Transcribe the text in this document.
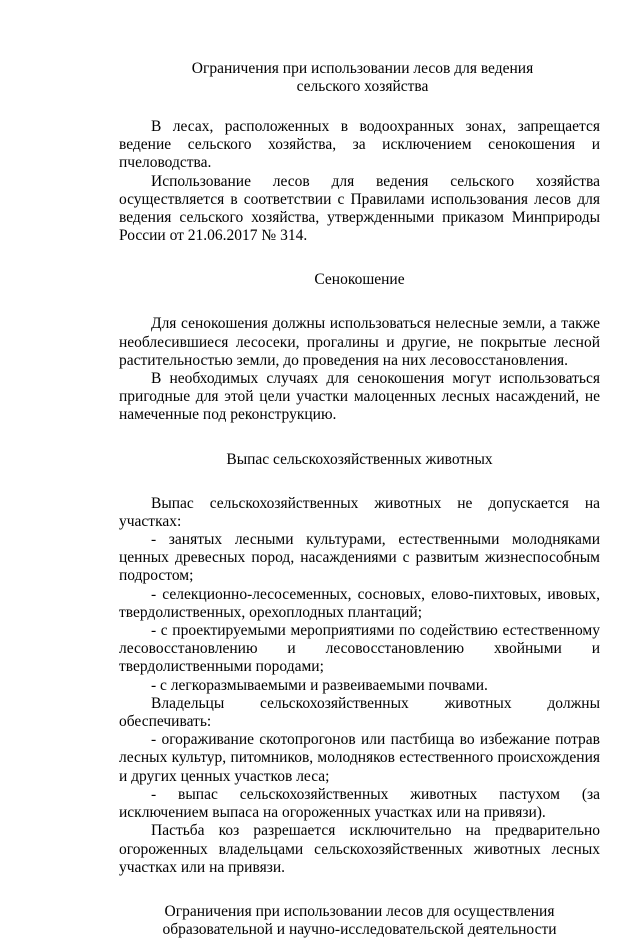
Ограничения при использовании лесов для ведения
сельского хозяйства

В лесах, расположенных в водоохранных зонах, запрещается ведение сельского хозяйства, за исключением сенокошения и пчеловодства.

Использование лесов для ведения сельского хозяйства осуществляется в соответствии с Правилами использования лесов для ведения сельского хозяйства, утвержденными приказом Минприроды России от 21.06.2017 № 314.

Сенокошение

Для сенокошения должны использоваться нелесные земли, а также необлесившиеся лесосеки, прогалины и другие, не покрытые лесной растительностью земли, до проведения на них лесовосстановления.

В необходимых случаях для сенокошения могут использоваться пригодные для этой цели участки малоценных лесных насаждений, не намеченные под реконструкцию.

Выпас сельскохозяйственных животных

Выпас сельскохозяйственных животных не допускается на участках:

- занятых лесными культурами, естественными молодняками ценных древесных пород, насаждениями с развитым жизнеспособным подростом;

- селекционно-лесосеменных, сосновых, елово-пихтовых, ивовых, твердолиственных, орехоплодных плантаций;

- с проектируемыми мероприятиями по содействию естественному лесовосстановлению и лесовосстановлению хвойными и твердолиственными породами;

- с легкоразмываемыми и развеиваемыми почвами.

Владельцы сельскохозяйственных животных должны обеспечивать:

- огораживание скотопрогонов или пастбища во избежание потрав лесных культур, питомников, молодняков естественного происхождения и других ценных участков леса;

- выпас сельскохозяйственных животных пастухом (за исключением выпаса на огороженных участках или на привязи).

Пастьба коз разрешается исключительно на предварительно огороженных владельцами сельскохозяйственных животных лесных участках или на привязи.

Ограничения при использовании лесов для осуществления образовательной и научно-исследовательской деятельности
